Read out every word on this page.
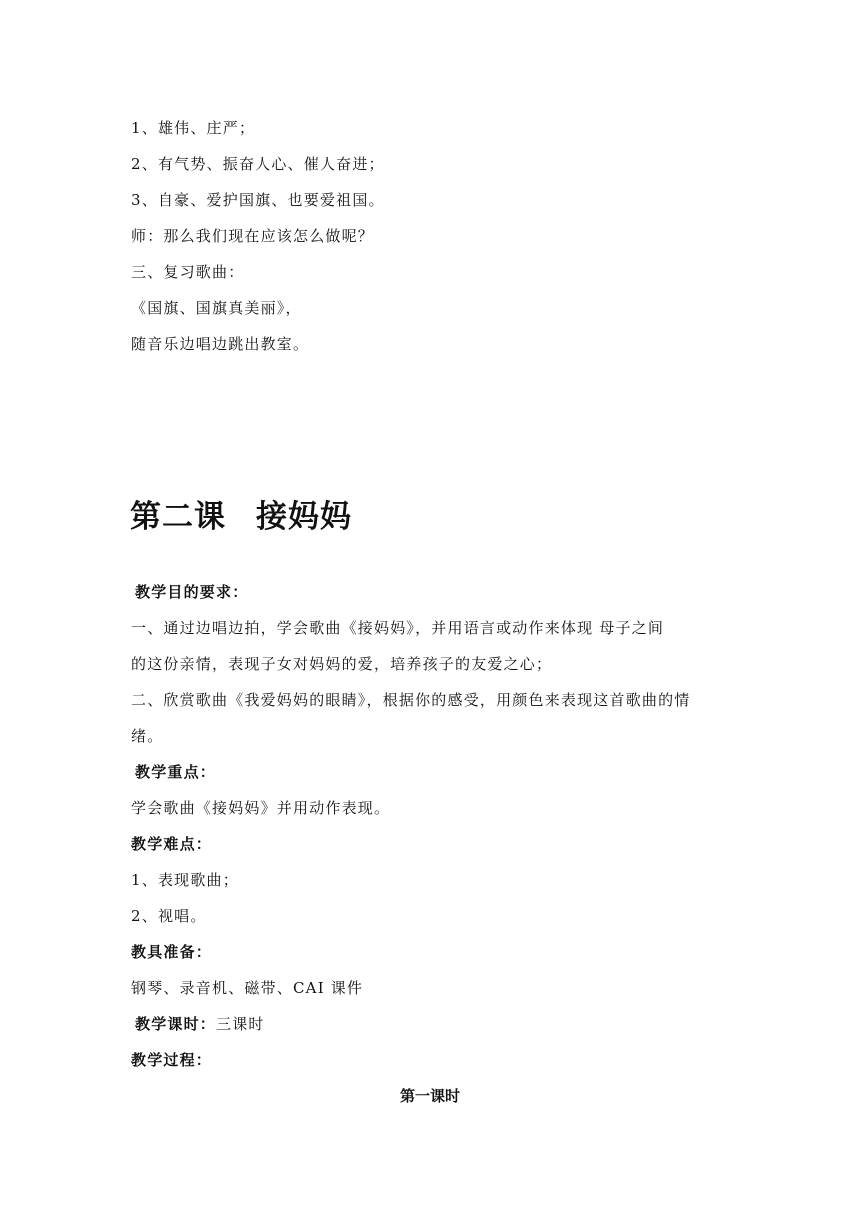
1、雄伟、庄严；
2、有气势、振奋人心、催人奋进；
3、自豪、爱护国旗、也要爱祖国。
师：那么我们现在应该怎么做呢？
三、复习歌曲：
《国旗、国旗真美丽》，
随音乐边唱边跳出教室。
第二课 接妈妈
教学目的要求：
一、通过边唱边拍，学会歌曲《接妈妈》，并用语言或动作来体现 母子之间
的这份亲情，表现子女对妈妈的爱，培养孩子的友爱之心；
二、欣赏歌曲《我爱妈妈的眼睛》，根据你的感受，用颜色来表现这首歌曲的情
绪。
教学重点：
学会歌曲《接妈妈》并用动作表现。
教学难点：
1、表现歌曲；
2、视唱。
教具准备：
钢琴、录音机、磁带、CAI 课件
教学课时：三课时
教学过程：
第一课时
